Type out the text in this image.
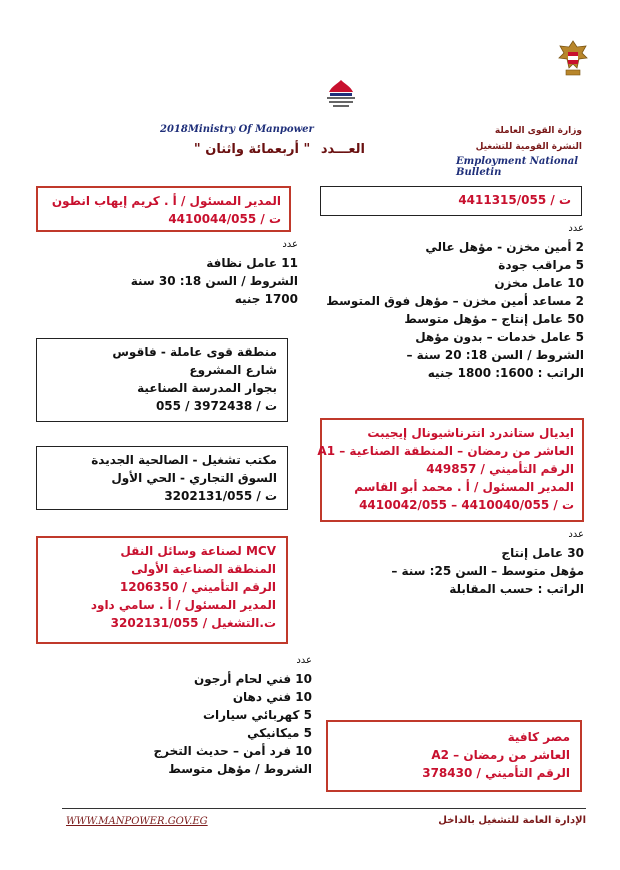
وزارة القوى العاملة
النشرة القومية للتشغيل
Employment National Bulletin
2018Ministry Of Manpower
العـــدد " أربعمائة واثنان "
المدير المسئول / أ . كريم إيهاب انطون
ت / 4410044/055
عدد
11 عامل نظافة
الشروط / السن 18: 30 سنة
1700 جنيه
منطقة قوى عاملة - فاقوس
شارع المشروع
بجوار المدرسة الصناعية
ت / 3972438 / 055
مكتب تشغيل - الصالحية الجديدة
السوق التجاري - الحي الأول
ت / 3202131/055
MCV لصناعة وسائل النقل
المنطقة الصناعية الأولى
الرقم التأميني / 1206350
المدير المسئول / أ . سامي داود
ت.التشغيل / 3202131/055
ت / 4411315/055
عدد
2 أمين مخزن - مؤهل عالي
5 مراقب جودة
10 عامل مخزن
2 مساعد أمين مخزن – مؤهل فوق المتوسط
50 عامل إنتاج – مؤهل متوسط
5 عامل خدمات – بدون مؤهل
الشروط / السن 18: 20 سنة –
الراتب : 1600: 1800 جنيه
ايديال ستاندرد انترناشيونال إيجيبت
العاشر من رمضان – المنطقة الصناعية – A1
الرقم التأميني / 449857
المدير المسئول / أ . محمد أبو القاسم
ت / 4410040/055 – 4410042/055
عدد
30 عامل إنتاج
مؤهل متوسط – السن 25: سنة –
الراتب : حسب المقابلة
مصر كافية
العاشر من رمضان – A2
الرقم التأميني / 378430
عدد
10 فني لحام أرجون
10 فني دهان
5 كهربائي سيارات
5 ميكانيكي
10 فرد أمن – حديث التخرج
الشروط / مؤهل متوسط
WWW.MANPOWER.GOV.EG	الإدارة العامة للتشغيل بالداخل
